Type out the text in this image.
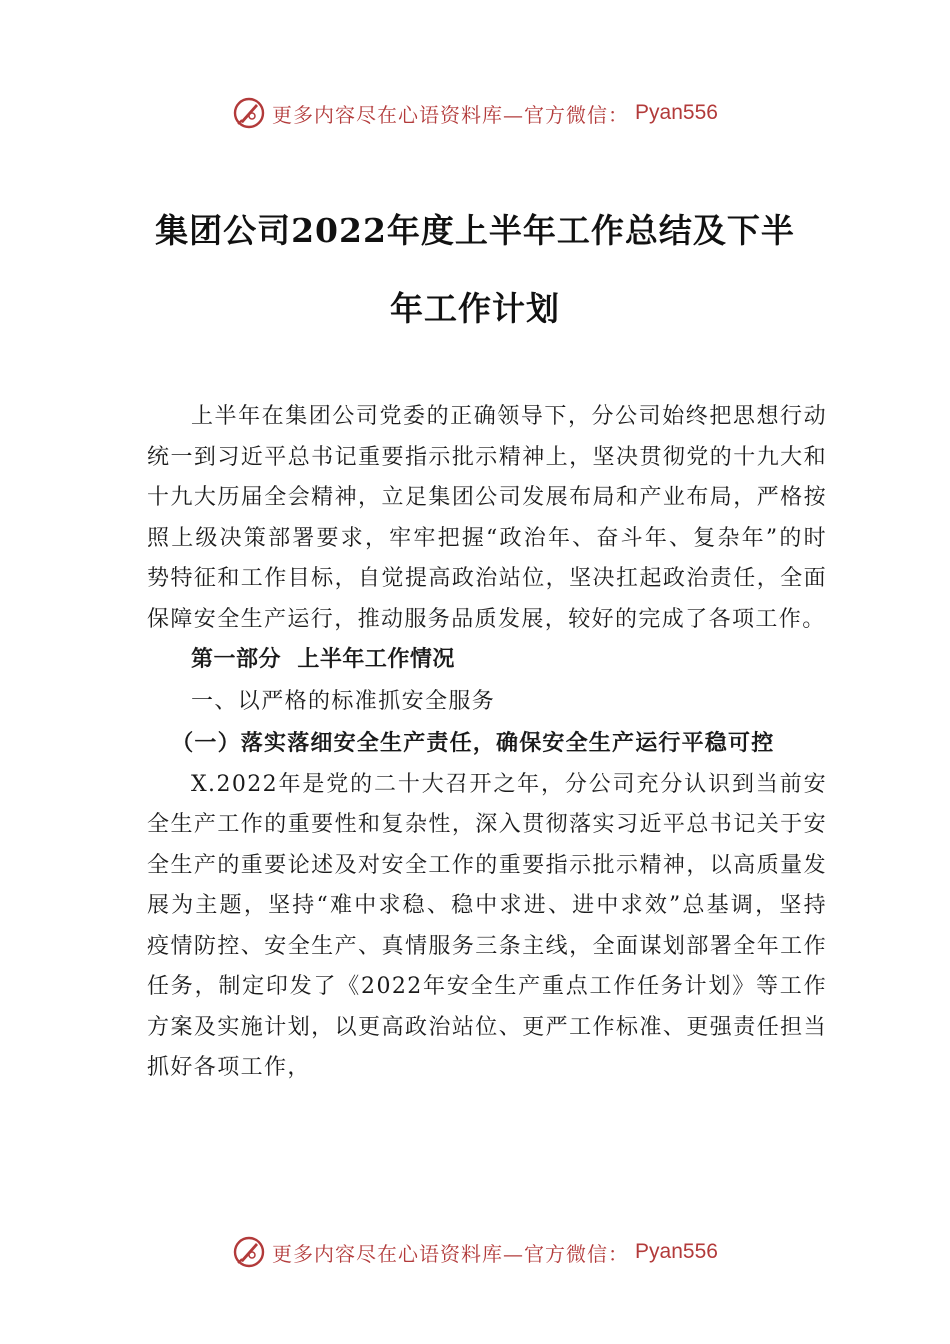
更多内容尽在心语资料库—官方微信： Pyan556
集团公司2022年度上半年工作总结及下半
年工作计划

上半年在集团公司党委的正确领导下，分公司始终把思想行动统一到习近平总书记重要指示批示精神上，坚决贯彻党的十九大和十九大历届全会精神，立足集团公司发展布局和产业布局，严格按照上级决策部署要求，牢牢把握“政治年、奋斗年、复杂年”的时势特征和工作目标，自觉提高政治站位，坚决扛起政治责任，全面保障安全生产运行，推动服务品质发展，较好的完成了各项工作。

第一部分  上半年工作情况

一、以严格的标准抓安全服务

（一）落实落细安全生产责任，确保安全生产运行平稳可控

X.2022年是党的二十大召开之年，分公司充分认识到当前安全生产工作的重要性和复杂性，深入贯彻落实习近平总书记关于安全生产的重要论述及对安全工作的重要指示批示精神，以高质量发展为主题，坚持“难中求稳、稳中求进、进中求效”总基调，坚持疫情防控、安全生产、真情服务三条主线，全面谋划部署全年工作任务，制定印发了《2022年安全生产重点工作任务计划》等工作方案及实施计划，以更高政治站位、更严工作标准、更强责任担当抓好各项工作，

更多内容尽在心语资料库—官方微信： Pyan556
